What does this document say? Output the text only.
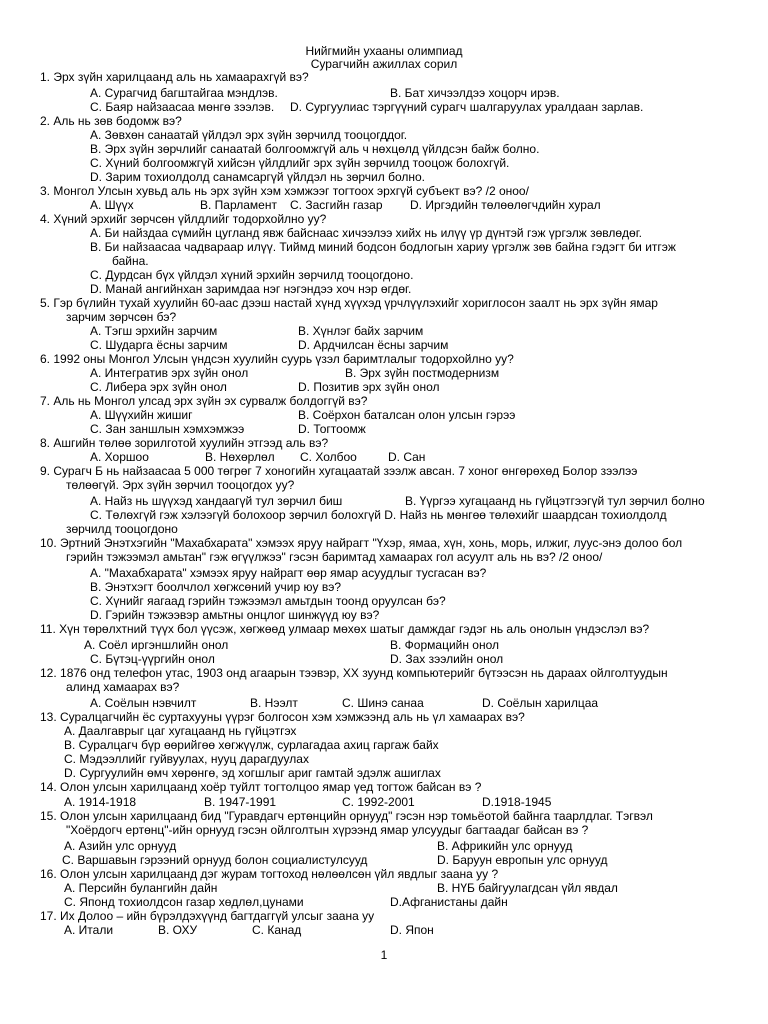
Нийгмийн ухааны олимпиад
Сурагчийн ажиллах сорил
1. Эрх зүйн харилцаанд аль нь хамаарахгүй вэ?
A. Сурагчид багштайгаа мэндлэв.	B. Бат хичээлдээ хоцорч ирэв.
C. Баяр найзаасаа мөнгө зээлэв. D. Сургуулиас тэргүүний сурагч шалгаруулах уралдаан зарлав.
2. Аль нь зөв бодомж вэ?
A. Зөвхөн санаатай үйлдэл эрх зүйн зөрчилд тооцогддог.
B. Эрх зүйн зөрчлийг санаатай болгоомжгүй аль ч нөхцөлд үйлдсэн байж болно.
C. Хүний болгоомжгүй хийсэн үйлдлийг эрх зүйн зөрчилд тооцож болохгүй.
D. Зарим тохиолдолд санамсаргүй үйлдэл нь зөрчил болно.
3. Монгол Улсын хувьд аль нь эрх зүйн хэм хэмжээг тогтоох эрхгүй субъект вэ? /2 оноо/
A. Шүүх	B. Парламент C. Засгийн газар D. Иргэдийн төлөөлөгчдийн хурал
4. Хүний эрхийг зөрчсөн үйлдлийг тодорхойлно уу?
A. Би найздаа сүмийн цугланд явж байснаас хичээлээ хийх нь илүү үр дүнтэй гэж үргэлж зөвлөдөг.
B. Би найзаасаа чадвараар илүү. Тиймд миний бодсон бодлогын хариу үргэлж зөв байна гэдэгт би итгэж
байна.
C. Дурдсан бүх үйлдэл хүний эрхийн зөрчилд тооцогдоно.
D. Манай ангийнхан заримдаа нэг нэгэндээ хоч нэр өгдөг.
5. Гэр бүлийн тухай хуулийн 60-аас дээш настай хүнд хүүхэд үрчлүүлэхийг хориглосон заалт нь эрх зүйн ямар
зарчим зөрчсөн бэ?
A. Тэгш эрхийн зарчим	B. Хүнлэг байх зарчим
C. Шударга ёсны зарчим	D. Ардчилсан ёсны зарчим
6. 1992 оны Монгол Улсын үндсэн хуулийн суурь үзэл баримтлалыг тодорхойлно уу?
A. Интегратив эрх зүйн онол	B. Эрх зүйн постмодернизм
C. Либера эрх зүйн онол	D. Позитив эрх зүйн онол
7. Аль нь Монгол улсад эрх зүйн эх сурвалж болдоггүй вэ?
A. Шүүхийн жишиг	B. Соёрхон баталсан олон улсын гэрээ
C. Зан заншлын хэмхэмжээ	D. Тогтоомж
8. Ашгийн төлөө зорилготой хуулийн этгээд аль вэ?
A. Хоршоо	B. Нөхөрлөл C. Холбоо	D. Сан
9. Сурагч Б нь найзаасаа 5 000 төгрөг 7 хоногийн хугацаатай зээлж авсан. 7 хоног өнгөрөхөд Болор зээлээ
төлөөгүй. Эрх зүйн зөрчил тооцогдох уу?
A. Найз нь шүүхэд хандаагүй тул зөрчил биш	B. Үүргээ хугацаанд нь гүйцэтгээгүй тул зөрчил болно
C. Төлөхгүй гэж хэлээгүй болохоор зөрчил болохгүй D. Найз нь мөнгөө төлөхийг шаардсан тохиолдолд
зөрчилд тооцогдоно
10. Эртний Энэтхэгийн "Махабхарата" хэмээх яруу найрагт "Үхэр, ямаа, хүн, хонь, морь, илжиг, луус-энэ долоо бол
гэрийн тэжээмэл амьтан" гэж өгүүлжээ" гэсэн баримтад хамаарах гол асуулт аль нь вэ? /2 оноо/
A. "Махабхарата" хэмээх яруу найрагт өөр ямар асуудлыг тусгасан вэ?
B. Энэтхэгт боолчлол хөгжсөний учир юу вэ?
C. Хүнийг яагаад гэрийн тэжээмэл амьтдын тоонд оруулсан бэ?
D. Гэрийн тэжээвэр амьтны онцлог шинжүүд юу вэ?
11. Хүн төрөлхтний түүх бол үүсэж, хөгжөөд улмаар мөхөх шатыг дамждаг гэдэг нь аль онолын үндэслэл вэ?
A. Соёл иргэншлийн онол	B. Формацийн онол
C. Бүтэц-үүргийн онол	D. Зах зээлийн онол
12. 1876 онд телефон утас, 1903 онд агаарын тээвэр, XX зуунд компьютерийг бүтээсэн нь дараах ойлголтуудын
алинд хамаарах вэ?
A. Соёлын нэвчилт	B. Нээлт	C. Шинэ санаа	D. Соёлын харилцаа
13. Суралцагчийн ёс суртахууны үүрэг болгосон хэм хэмжээнд аль нь үл хамаарах вэ?
A. Даалгаврыг цаг хугацаанд нь гүйцэтгэх
B. Суралцагч бүр өөрийгөө хөгжүүлж, сурлагадаа ахиц гаргаж байх
C. Мэдээллийг гуйвуулах, нууц дарагдуулах
D. Сургуулийн өмч хөрөнгө, эд хогшлыг ариг гамтай эдэлж ашиглах
14. Олон улсын харилцаанд хоёр туйлт тогтолцоо ямар үед тогтож байсан вэ ?
A. 1914-1918	B. 1947-1991	C. 1992-2001	D.1918-1945
15. Олон улсын харилцаанд бид "Гуравдагч ертөнцийн орнууд" гэсэн нэр томьёотой байнга таарлдлаг. Тэгвэл
"Хоёрдогч ертөнц"-ийн орнууд гэсэн ойлголтын хүрээнд ямар улсуудыг багтаадаг байсан вэ ?
A. Азийн улс орнууд	B. Африкийн улс орнууд
C. Варшавын гэрээний орнууд болон социалистулсууд	D. Баруун европын улс орнууд
16. Олон улсын харилцаанд дэг журам тогтоход нөлөөлсөн үйл явдлыг заана уу ?
A. Персийн булангийн дайн	B. НҮБ байгуулагдсан үйл явдал
C. Японд тохиолдсон газар хөдлөл,цунами	D.Афганистаны дайн
17. Их Долоо – ийн бүрэлдэхүүнд багтдаггүй улсыг заана уу
A. Итали	B. ОХУ	C. Канад	D. Япон
1
